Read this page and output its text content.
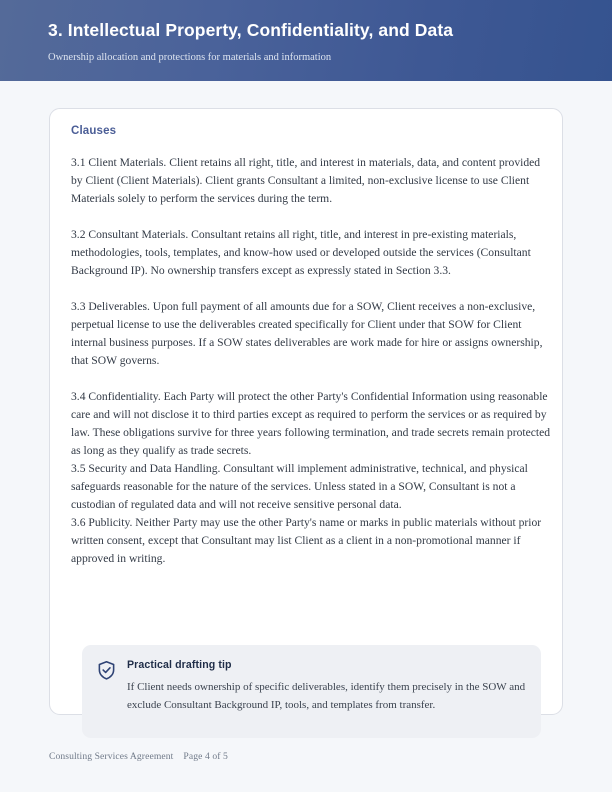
3. Intellectual Property, Confidentiality, and Data
Ownership allocation and protections for materials and information
Clauses

3.1 Client Materials. Client retains all right, title, and interest in materials, data, and content provided by Client (Client Materials). Client grants Consultant a limited, non-exclusive license to use Client Materials solely to perform the services during the term.

3.2 Consultant Materials. Consultant retains all right, title, and interest in pre-existing materials, methodologies, tools, templates, and know-how used or developed outside the services (Consultant Background IP). No ownership transfers except as expressly stated in Section 3.3.

3.3 Deliverables. Upon full payment of all amounts due for a SOW, Client receives a non-exclusive, perpetual license to use the deliverables created specifically for Client under that SOW for Client internal business purposes. If a SOW states deliverables are work made for hire or assigns ownership, that SOW governs.

3.4 Confidentiality. Each Party will protect the other Party's Confidential Information using reasonable care and will not disclose it to third parties except as required to perform the services or as required by law. These obligations survive for three years following termination, and trade secrets remain protected as long as they qualify as trade secrets.

3.5 Security and Data Handling. Consultant will implement administrative, technical, and physical safeguards reasonable for the nature of the services. Unless stated in a SOW, Consultant is not a custodian of regulated data and will not receive sensitive personal data.

3.6 Publicity. Neither Party may use the other Party's name or marks in public materials without prior written consent, except that Consultant may list Client as a client in a non-promotional manner if approved in writing.

Practical drafting tip
If Client needs ownership of specific deliverables, identify them precisely in the SOW and exclude Consultant Background IP, tools, and templates from transfer.
Consulting Services Agreement Page 4 of 5
